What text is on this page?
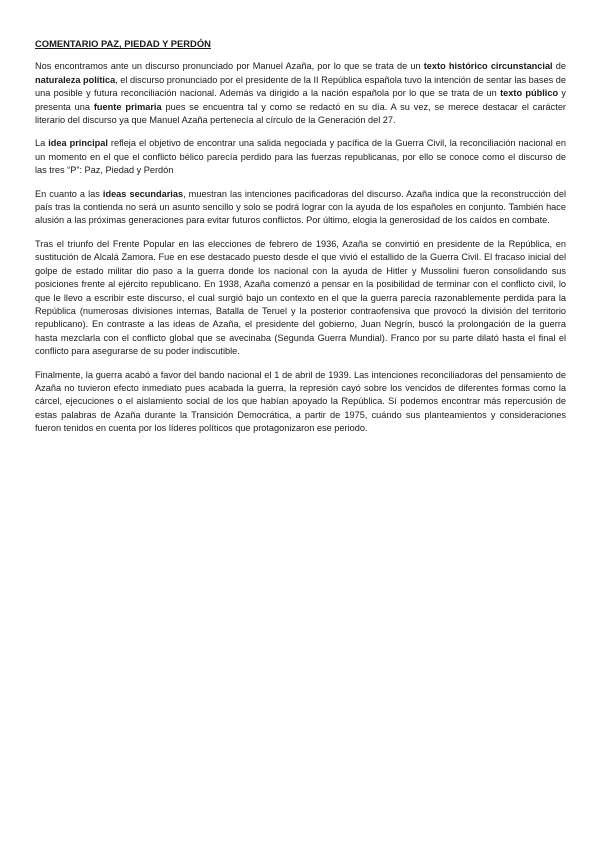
COMENTARIO PAZ, PIEDAD Y PERDÓN

Nos encontramos ante un discurso pronunciado por Manuel Azaña, por lo que se trata de un texto histórico circunstancial de naturaleza política, el discurso pronunciado por el presidente de la II República española tuvo la intención de sentar las bases de una posible y futura reconciliación nacional. Además va dirigido a la nación española por lo que se trata de un texto público y presenta una fuente primaria pues se encuentra tal y como se redactó en su día. A su vez, se merece destacar el carácter literario del discurso ya que Manuel Azaña pertenecía al círculo de la Generación del 27.

La idea principal refleja el objetivo de encontrar una salida negociada y pacífica de la Guerra Civil, la reconciliación nacional en un momento en el que el conflicto bélico parecía perdido para las fuerzas republicanas, por ello se conoce como el discurso de las tres “P”: Paz, Piedad y Perdón

En cuanto a las ideas secundarias, muestran las intenciones pacificadoras del discurso. Azaña indica que la reconstrucción del país tras la contienda no será un asunto sencillo y solo se podrá lograr con la ayuda de los españoles en conjunto. También hace alusión a las próximas generaciones para evitar futuros conflictos. Por último, elogia la generosidad de los caídos en combate.

Tras el triunfo del Frente Popular en las elecciones de febrero de 1936, Azaña se convirtió en presidente de la República, en sustitución de Alcalá Zamora. Fue en ese destacado puesto desde el que vivió el estallido de la Guerra Civil. El fracaso inicial del golpe de estado militar dio paso a la guerra donde los nacional con la ayuda de Hitler y Mussolini fueron consolidando sus posiciones frente al ejército republicano. En 1938, Azaña comenzó a pensar en la posibilidad de terminar con el conflicto civil, lo que le llevo a escribir este discurso, el cual surgió bajo un contexto en el que la guerra parecía razonablemente perdida para la República (numerosas divisiones internas, Batalla de Teruel y la posterior contraofensiva que provocó la división del territorio republicano). En contraste a las ideas de Azaña, el presidente del gobierno, Juan Negrín, buscó la prolongación de la guerra hasta mezclarla con el conflicto global que se avecinaba (Segunda Guerra Mundial). Franco por su parte dilató hasta el final el conflicto para asegurarse de su poder indiscutible.

Finalmente, la guerra acabó a favor del bando nacional el 1 de abril de 1939. Las intenciones reconciliadoras del pensamiento de Azaña no tuvieron efecto inmediato pues acabada la guerra, la represión cayó sobre los vencidos de diferentes formas como la cárcel, ejecuciones o el aislamiento social de los que habían apoyado la República. Sí podemos encontrar más repercusión de estas palabras de Azaña durante la Transición Democrática, a partir de 1975, cuándo sus planteamientos y consideraciones fueron tenidos en cuenta por los líderes políticos que protagonizaron ese periodo.
